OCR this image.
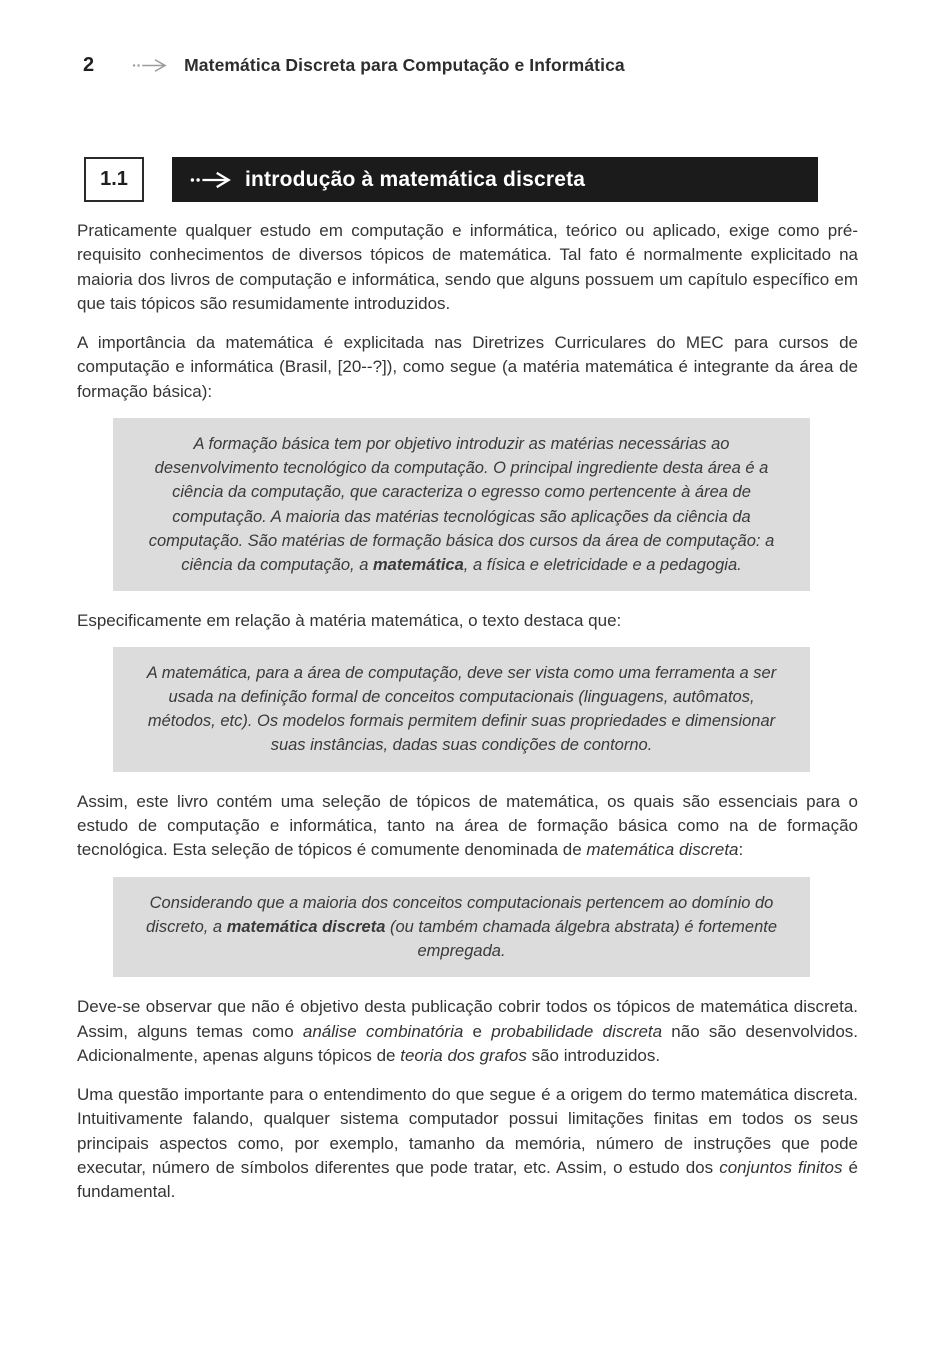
2	Matemática Discreta para Computação e Informática
1.1	introdução à matemática discreta

Praticamente qualquer estudo em computação e informática, teórico ou aplicado, exige como pré-requisito conhecimentos de diversos tópicos de matemática. Tal fato é normalmente explicitado na maioria dos livros de computação e informática, sendo que alguns possuem um capítulo específico em que tais tópicos são resumidamente introduzidos.

A importância da matemática é explicitada nas Diretrizes Curriculares do MEC para cursos de computação e informática (Brasil, [20--?]), como segue (a matéria matemática é integrante da área de formação básica):

A formação básica tem por objetivo introduzir as matérias necessárias ao desenvolvimento tecnológico da computação. O principal ingrediente desta área é a ciência da computação, que caracteriza o egresso como pertencente à área de computação. A maioria das matérias tecnológicas são aplicações da ciência da computação. São matérias de formação básica dos cursos da área de computação: a ciência da computação, a matemática, a física e eletricidade e a pedagogia.

Especificamente em relação à matéria matemática, o texto destaca que:

A matemática, para a área de computação, deve ser vista como uma ferramenta a ser usada na definição formal de conceitos computacionais (linguagens, autômatos, métodos, etc). Os modelos formais permitem definir suas propriedades e dimensionar suas instâncias, dadas suas condições de contorno.

Assim, este livro contém uma seleção de tópicos de matemática, os quais são essenciais para o estudo de computação e informática, tanto na área de formação básica como na de formação tecnológica. Esta seleção de tópicos é comumente denominada de matemática discreta:

Considerando que a maioria dos conceitos computacionais pertencem ao domínio do discreto, a matemática discreta (ou também chamada álgebra abstrata) é fortemente empregada.

Deve-se observar que não é objetivo desta publicação cobrir todos os tópicos de matemática discreta. Assim, alguns temas como análise combinatória e probabilidade discreta não são desenvolvidos. Adicionalmente, apenas alguns tópicos de teoria dos grafos são introduzidos.

Uma questão importante para o entendimento do que segue é a origem do termo matemática discreta. Intuitivamente falando, qualquer sistema computador possui limitações finitas em todos os seus principais aspectos como, por exemplo, tamanho da memória, número de instruções que pode executar, número de símbolos diferentes que pode tratar, etc. Assim, o estudo dos conjuntos finitos é fundamental.
